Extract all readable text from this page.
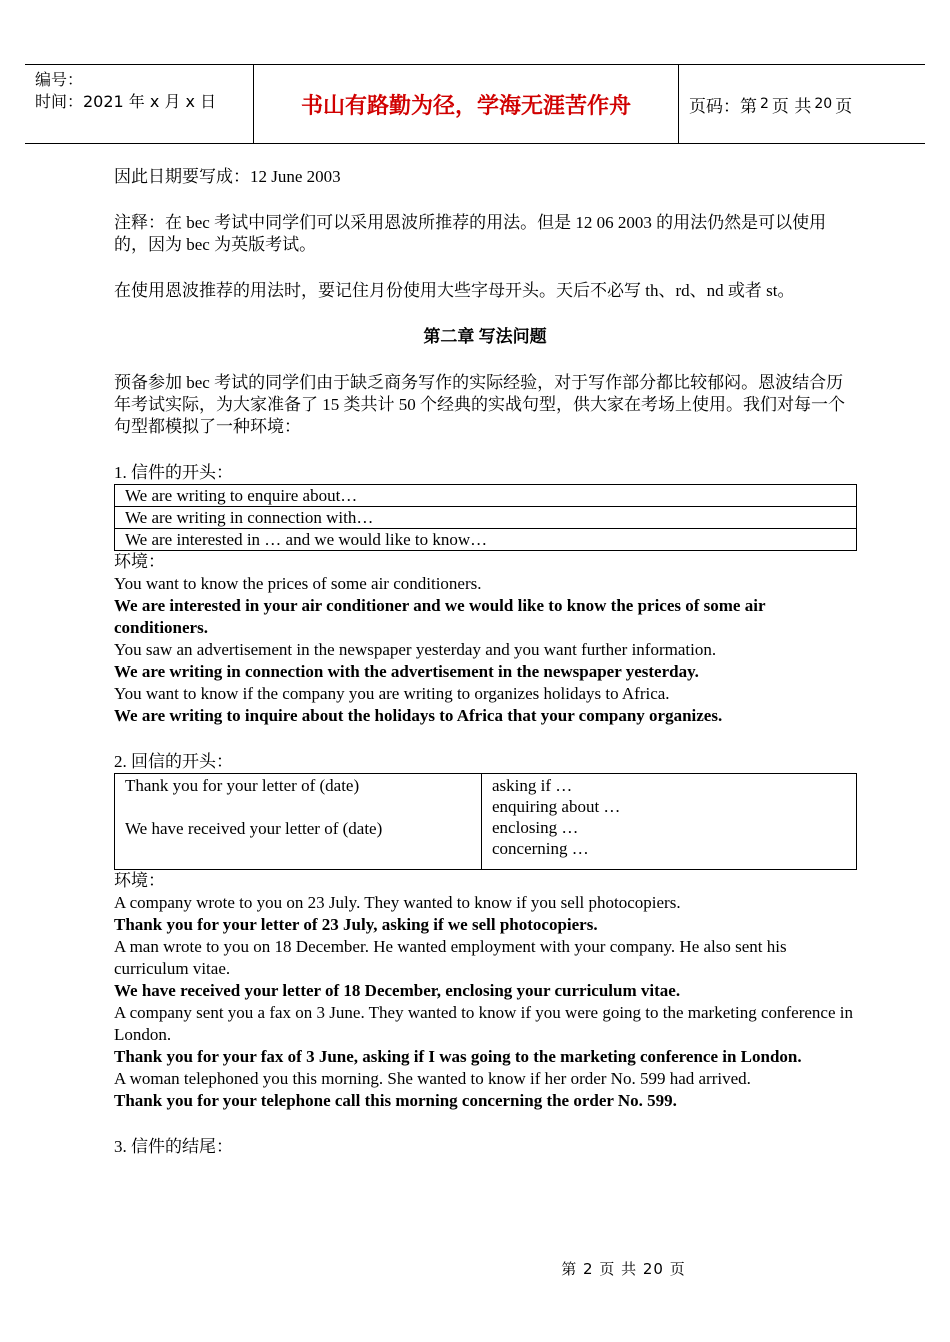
编号：
时间：2021 年 x 月 x 日	书山有路勤为径，学海无涯苦作舟	页码：第 2 页 共 20 页

因此日期要写成：12 June 2003

注释：在 bec 考试中同学们可以采用恩波所推荐的用法。但是 12 06 2003 的用法仍然是可以使用的，因为 bec 为英版考试。

在使用恩波推荐的用法时，要记住月份使用大些字母开头。天后不必写 th、rd、nd 或者 st。

第二章 写法问题

预备参加 bec 考试的同学们由于缺乏商务写作的实际经验，对于写作部分都比较郁闷。恩波结合历年考试实际，为大家准备了 15 类共计 50 个经典的实战句型，供大家在考场上使用。我们对每一个句型都模拟了一种环境：

1. 信件的开头：

We are writing to enquire about…
We are writing in connection with…
We are interested in … and we would like to know…

环境：

You want to know the prices of some air conditioners.

We are interested in your air conditioner and we would like to know the prices of some air conditioners.

You saw an advertisement in the newspaper yesterday and you want further information.

We are writing in connection with the advertisement in the newspaper yesterday.

You want to know if the company you are writing to organizes holidays to Africa.

We are writing to inquire about the holidays to Africa that your company organizes.

2. 回信的开头：

Thank you for your letter of (date)
We have received your letter of (date)

asking if …
enquiring about …
enclosing …
concerning …

环境：

A company wrote to you on 23 July. They wanted to know if you sell photocopiers.

Thank you for your letter of 23 July, asking if we sell photocopiers.

A man wrote to you on 18 December. He wanted employment with your company. He also sent his curriculum vitae.

We have received your letter of 18 December, enclosing your curriculum vitae.

A company sent you a fax on 3 June. They wanted to know if you were going to the marketing conference in London.

Thank you for your fax of 3 June, asking if I was going to the marketing conference in London.

A woman telephoned you this morning. She wanted to know if her order No. 599 had arrived.

Thank you for your telephone call this morning concerning the order No. 599.

3. 信件的结尾：

第 2 页 共 20 页
